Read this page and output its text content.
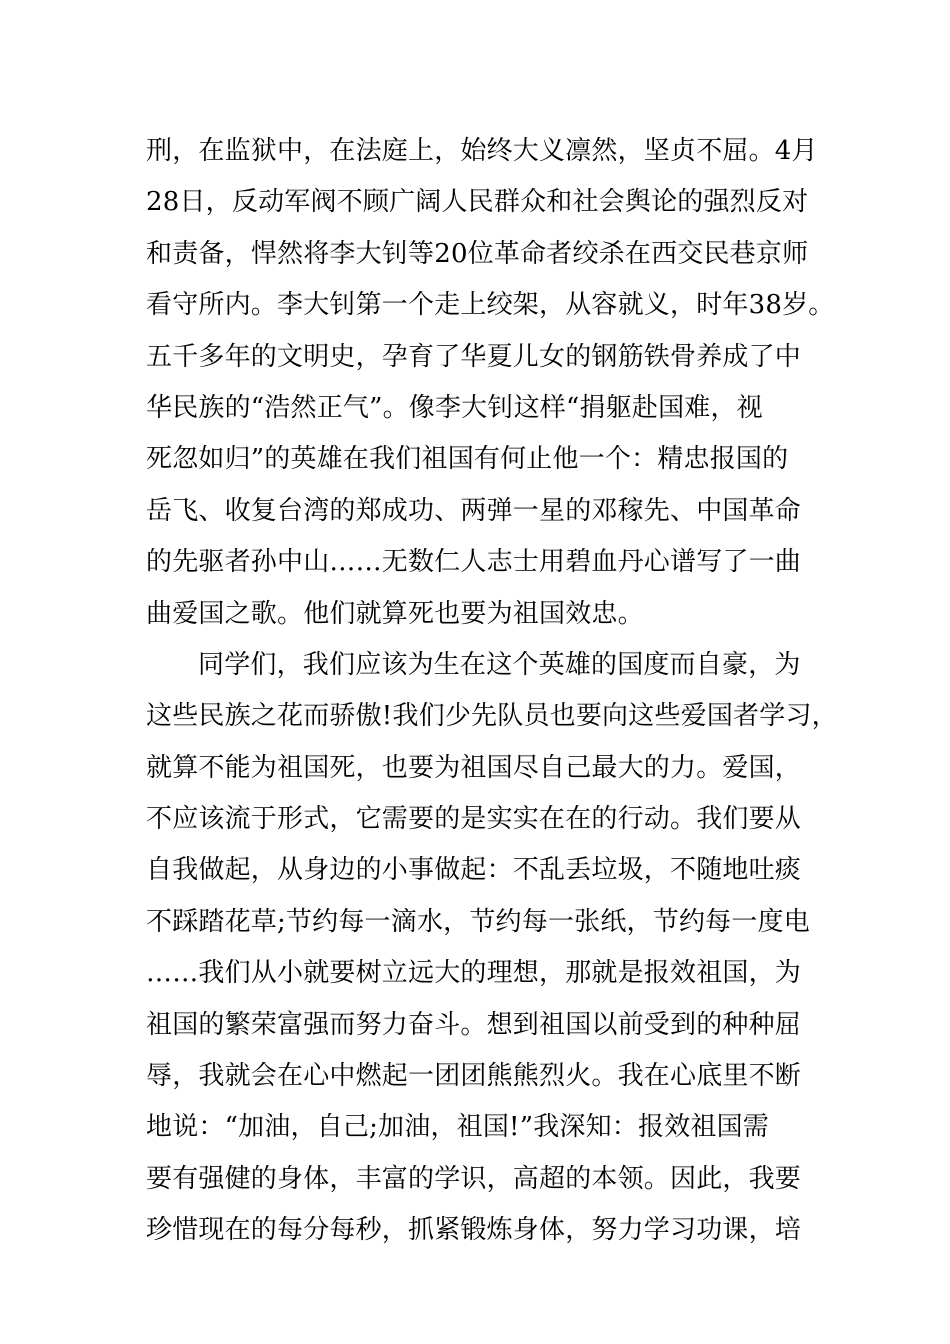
刑，在监狱中，在法庭上，始终大义凛然，坚贞不屈。4月
28日，反动军阀不顾广阔人民群众和社会舆论的强烈反对
和责备，悍然将李大钊等20位革命者绞杀在西交民巷京师
看守所内。李大钊第一个走上绞架，从容就义，时年38岁。
五千多年的文明史，孕育了华夏儿女的钢筋铁骨养成了中
华民族的“浩然正气”。像李大钊这样“捐躯赴国难，视
死忽如归”的英雄在我们祖国有何止他一个：精忠报国的
岳飞、收复台湾的郑成功、两弹一星的邓稼先、中国革命
的先驱者孙中山……无数仁人志士用碧血丹心谱写了一曲
曲爱国之歌。他们就算死也要为祖国效忠。
同学们，我们应该为生在这个英雄的国度而自豪，为
这些民族之花而骄傲!我们少先队员也要向这些爱国者学习，
就算不能为祖国死，也要为祖国尽自己最大的力。爱国，
不应该流于形式，它需要的是实实在在的行动。我们要从
自我做起，从身边的小事做起：不乱丢垃圾，不随地吐痰
不踩踏花草;节约每一滴水，节约每一张纸，节约每一度电
……我们从小就要树立远大的理想，那就是报效祖国，为
祖国的繁荣富强而努力奋斗。想到祖国以前受到的种种屈
辱，我就会在心中燃起一团团熊熊烈火。我在心底里不断
地说：“加油，自己;加油，祖国!”我深知：报效祖国需
要有强健的身体，丰富的学识，高超的本领。因此，我要
珍惜现在的每分每秒，抓紧锻炼身体，努力学习功课，培
